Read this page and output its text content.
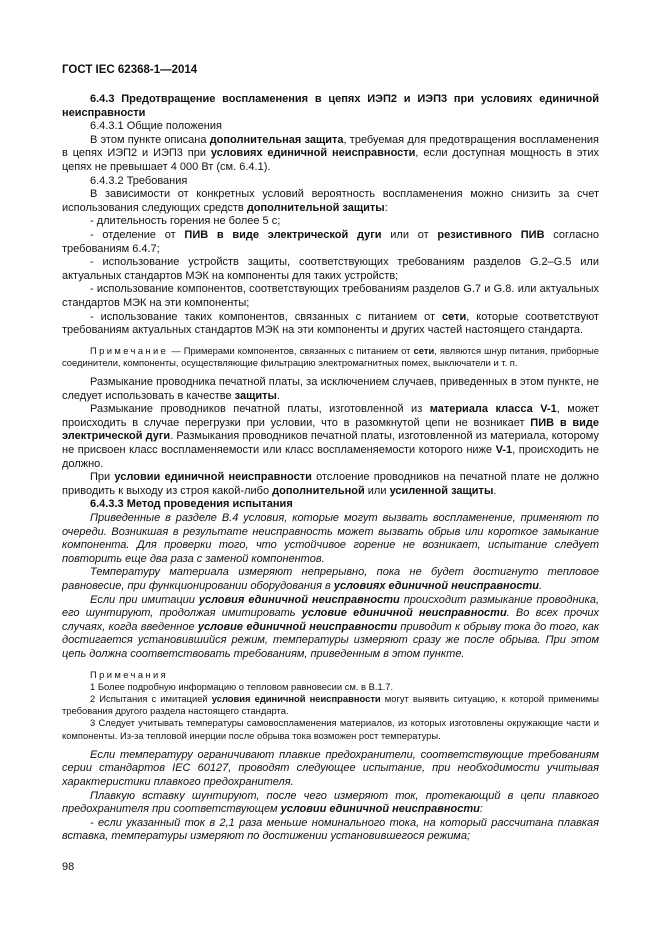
ГОСТ IEC 62368-1—2014

6.4.3 Предотвращение воспламенения в цепях ИЭП2 и ИЭП3 при условиях единичной неисправности

6.4.3.1 Общие положения

В этом пункте описана дополнительная защита, требуемая для предотвращения воспламенения в цепях ИЭП2 и ИЭП3 при условиях единичной неисправности, если доступная мощность в этих цепях не превышает 4 000 Вт (см. 6.4.1).

6.4.3.2 Требования

В зависимости от конкретных условий вероятность воспламенения можно снизить за счет использования следующих средств дополнительной защиты:

- длительность горения не более 5 с;

- отделение от ПИВ в виде электрической дуги или от резистивного ПИВ согласно требованиям 6.4.7;

- использование устройств защиты, соответствующих требованиям разделов G.2–G.5 или актуальных стандартов МЭК на компоненты для таких устройств;

- использование компонентов, соответствующих требованиям разделов G.7 и G.8. или актуальных стандартов МЭК на эти компоненты;

- использование таких компонентов, связанных с питанием от сети, которые соответствуют требованиям актуальных стандартов МЭК на эти компоненты и других частей настоящего стандарта.

Примечание — Примерами компонентов, связанных с питанием от сети, являются шнур питания, приборные соединители, компоненты, осуществляющие фильтрацию электромагнитных помех, выключатели и т. п.

Размыкание проводника печатной платы, за исключением случаев, приведенных в этом пункте, не следует использовать в качестве защиты.

Размыкание проводников печатной платы, изготовленной из материала класса V-1, может происходить в случае перегрузки при условии, что в разомкнутой цепи не возникает ПИВ в виде электрической дуги. Размыкания проводников печатной платы, изготовленной из материала, которому не присвоен класс воспламеняемости или класс воспламеняемости которого ниже V-1, происходить не должно.

При условии единичной неисправности отслоение проводников на печатной плате не должно приводить к выходу из строя какой-либо дополнительной или усиленной защиты.

6.4.3.3 Метод проведения испытания

Приведенные в разделе B.4 условия, которые могут вызвать воспламенение, применяют по очереди. Возникшая в результате неисправность может вызвать обрыв или короткое замыкание компонента. Для проверки того, что устойчивое горение не возникает, испытание следует повторить еще два раза с заменой компонентов.

Температуру материала измеряют непрерывно, пока не будет достигнуто тепловое равновесие, при функционировании оборудования в условиях единичной неисправности.

Если при имитации условия единичной неисправности происходит размыкание проводника, его шунтируют, продолжая имитировать условие единичной неисправности. Во всех прочих случаях, когда введенное условие единичной неисправности приводит к обрыву тока до того, как достигается установившийся режим, температуры измеряют сразу же после обрыва. При этом цепь должна соответствовать требованиям, приведенным в этом пункте.

Примечания

1 Более подробную информацию о тепловом равновесии см. в B.1.7.

2 Испытания с имитацией условия единичной неисправности могут выявить ситуацию, к которой применимы требования другого раздела настоящего стандарта.

3 Следует учитывать температуры самовоспламенения материалов, из которых изготовлены окружающие части и компоненты. Из-за тепловой инерции после обрыва тока возможен рост температуры.

Если температуру ограничивают плавкие предохранители, соответствующие требованиям серии стандартов IEC 60127, проводят следующее испытание, при необходимости учитывая характеристики плавкого предохранителя.

Плавкую вставку шунтируют, после чего измеряют ток, протекающий в цепи плавкого предохранителя при соответствующем условии единичной неисправности:

- если указанный ток в 2,1 раза меньше номинального тока, на который рассчитана плавкая вставка, температуры измеряют по достижении установившегося режима;

98
